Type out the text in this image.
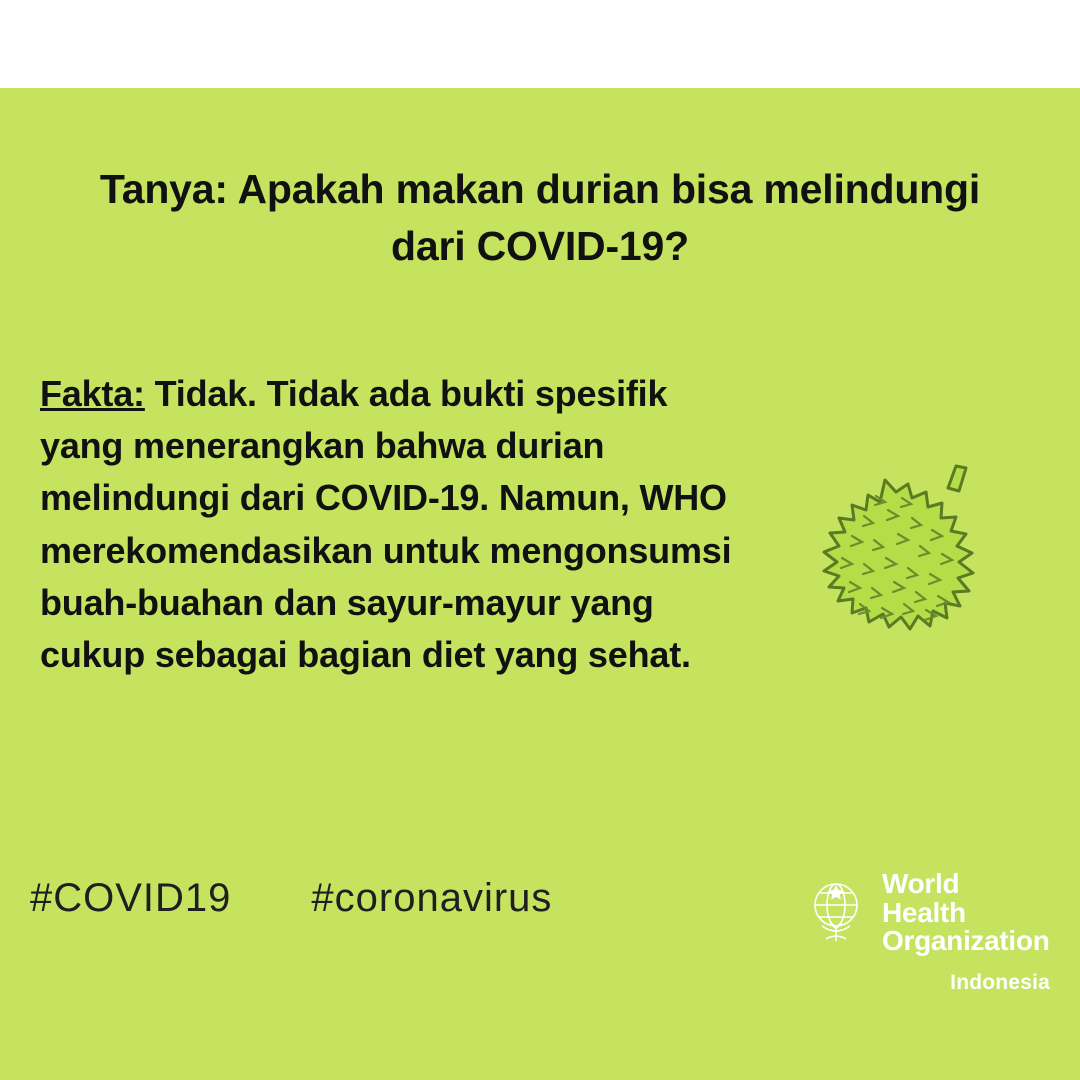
Tanya: Apakah makan durian bisa melindungi dari COVID-19?
Fakta: Tidak. Tidak ada bukti spesifik yang menerangkan bahwa durian melindungi dari COVID-19. Namun, WHO merekomendasikan untuk mengonsumsi buah-buahan dan sayur-mayur yang cukup sebagai bagian diet yang sehat.
#COVID19 #coronavirus	World Health
Organization
Indonesia
